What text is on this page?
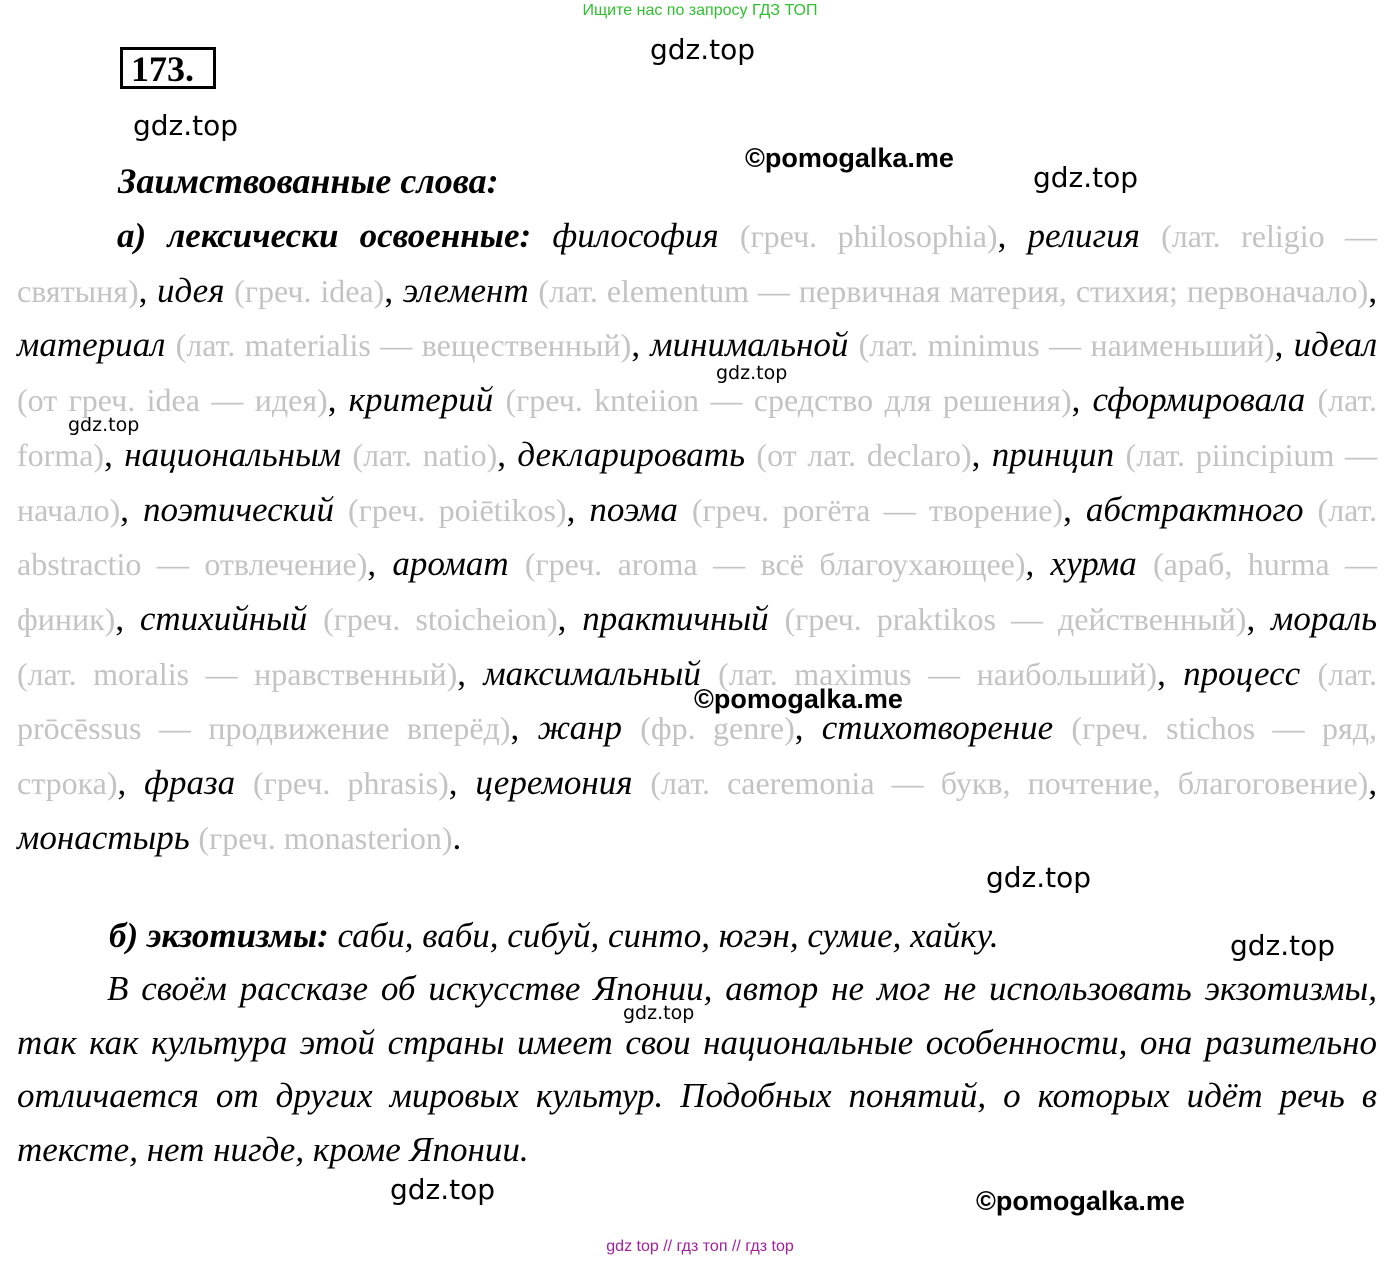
Ищите нас по запросу ГДЗ ТОП
173.	gdz.top
gdz.top
©pomogalka.me
gdz.top
Заимствованные слова:
а) лексически освоенные: философия (греч. philosophia), религия (лат. religio — святыня), идея (греч. idea), элемент (лат. elementum — первичная материя, стихия; первоначало), материал (лат. materialis — вещественный), минимальной (лат. minimus — наименьший), идеал (от греч. idea — идея), критерий (греч. knteiion — средство для решения), сформировала (лат. forma), национальным (лат. natio), декларировать (от лат. declaro), принцип (лат. piincipium — начало), поэтический (греч. poiētikos), поэма (греч. рогёта — творение), абстрактного (лат. abstractio — отвлечение), аромат (греч. aroma — всё благоухающее), хурма (араб, hurma — финик), стихийный (греч. stoicheion), практичный (греч. praktikos — действенный), мораль (лат. moralis — нравственный), максимальный (лат. maximus — наибольший), процесс (лат. prōcēssus — продвижение вперёд), жанр (фр. genre), стихотворение (греч. stichos — ряд, строка), фраза (греч. phrasis), церемония (лат. caeremonia — букв, почтение, благоговение), монастырь (греч. monasterion).
б) экзотизмы: саби, ваби, сибуй, синто, югэн, сумие, хайку.
В своём рассказе об искусстве Японии, автор не мог не использовать экзотизмы, так как культура этой страны имеет свои национальные особенности, она разительно отличается от других мировых культур. Подобных понятий, о которых идёт речь в тексте, нет нигде, кроме Японии.
gdz.top
gdz.top
©pomogalka.me
gdz.top
gdz.top
gdz.top
gdz.top	©pomogalka.me
gdz top // гдз топ // гдз top
